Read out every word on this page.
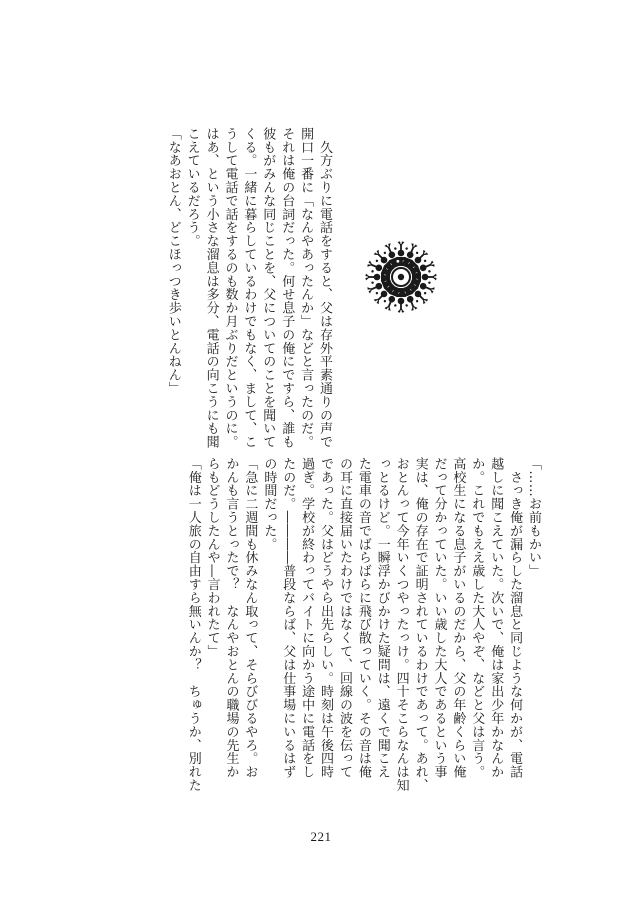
　久方ぶりに電話をすると、父は存外平素通りの声で
開口一番に「なんやあったんか」などと言ったのだ。
それは俺の台詞だった。何せ息子の俺にですら、誰も
彼もがみんな同じことを、父についてのことを聞いて
くる。一緒に暮らしているわけでもなく、まして、こ
うして電話で話をするのも数か月ぶりだというのに。
はあ、という小さな溜息は多分、電話の向こうにも聞
こえているだろう。
「なあおとん、どこほっつき歩いとんねん」
「……お前もかい」
　さっき俺が漏らした溜息と同じような何かが、電話
越しに聞こえていた。次いで、俺は家出少年かなんか
か。これでもええ歳した大人やぞ、などと父は言う。
高校生になる息子がいるのだから、父の年齢くらい俺
だって分かっていた。いい歳した大人であるという事
実は、俺の存在で証明されているわけであって。あれ、
おとんって今年いくつやったっけ。四十そこらなんは知
っとるけど。一瞬浮かびかけた疑問は、遠くで聞こえ
た電車の音でばらばらに飛び散っていく。その音は俺
の耳に直接届いたわけではなくて、回線の波を伝って
であった。父はどうやら出先らしい。時刻は午後四時
過ぎ。学校が終わってバイトに向かう途中に電話をし
たのだ。――――普段ならば、父は仕事場にいるはず
の時間だった。
「急に二週間も休みなん取って、そらびびるやろ。お
かんも言うとったで？　なんやおとんの職場の先生か
らもどうしたんや―言われたて」
「俺は一人旅の自由すら無いんか？　ちゅうか、別れた
221
